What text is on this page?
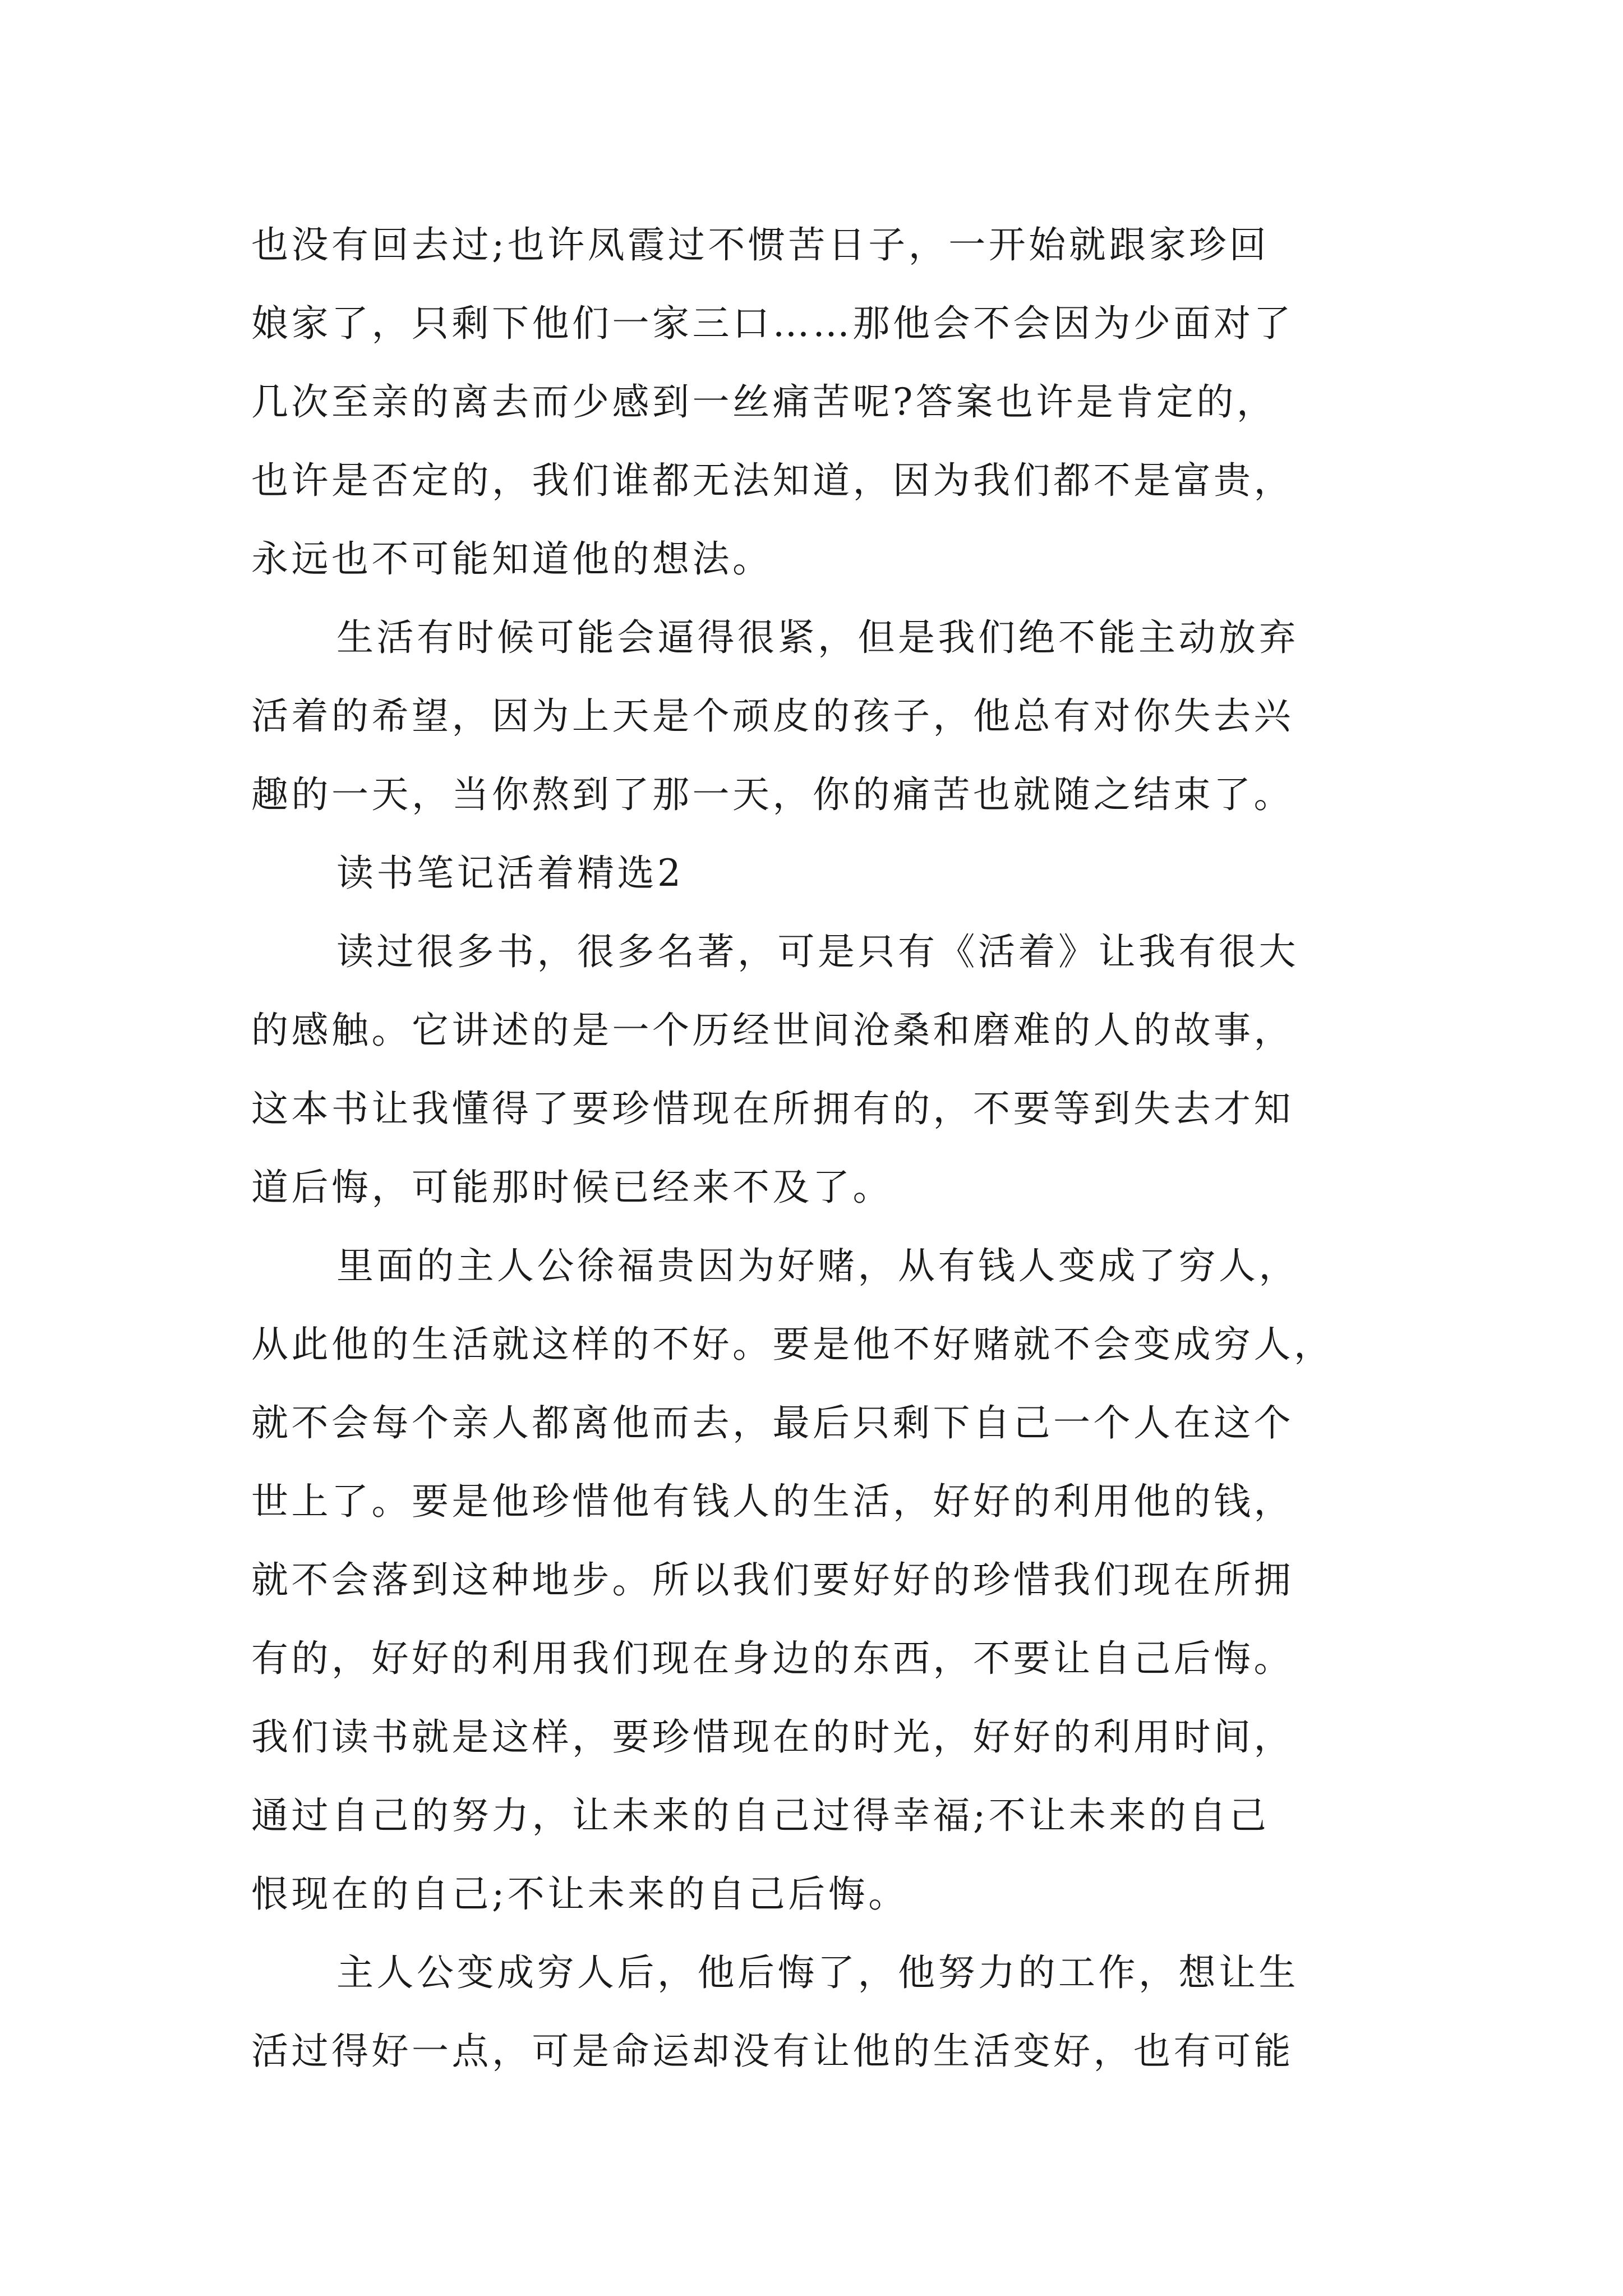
也没有回去过;也许凤霞过不惯苦日子，一开始就跟家珍回
娘家了，只剩下他们一家三口……那他会不会因为少面对了
几次至亲的离去而少感到一丝痛苦呢?答案也许是肯定的，
也许是否定的，我们谁都无法知道，因为我们都不是富贵，
永远也不可能知道他的想法。
生活有时候可能会逼得很紧，但是我们绝不能主动放弃
活着的希望，因为上天是个顽皮的孩子，他总有对你失去兴
趣的一天，当你熬到了那一天，你的痛苦也就随之结束了。
读书笔记活着精选2
读过很多书，很多名著，可是只有《活着》让我有很大
的感触。它讲述的是一个历经世间沧桑和磨难的人的故事，
这本书让我懂得了要珍惜现在所拥有的，不要等到失去才知
道后悔，可能那时候已经来不及了。
里面的主人公徐福贵因为好赌，从有钱人变成了穷人，
从此他的生活就这样的不好。要是他不好赌就不会变成穷人，
就不会每个亲人都离他而去，最后只剩下自己一个人在这个
世上了。要是他珍惜他有钱人的生活，好好的利用他的钱，
就不会落到这种地步。所以我们要好好的珍惜我们现在所拥
有的，好好的利用我们现在身边的东西，不要让自己后悔。
我们读书就是这样，要珍惜现在的时光，好好的利用时间，
通过自己的努力，让未来的自己过得幸福;不让未来的自己
恨现在的自己;不让未来的自己后悔。
主人公变成穷人后，他后悔了，他努力的工作，想让生
活过得好一点，可是命运却没有让他的生活变好，也有可能
